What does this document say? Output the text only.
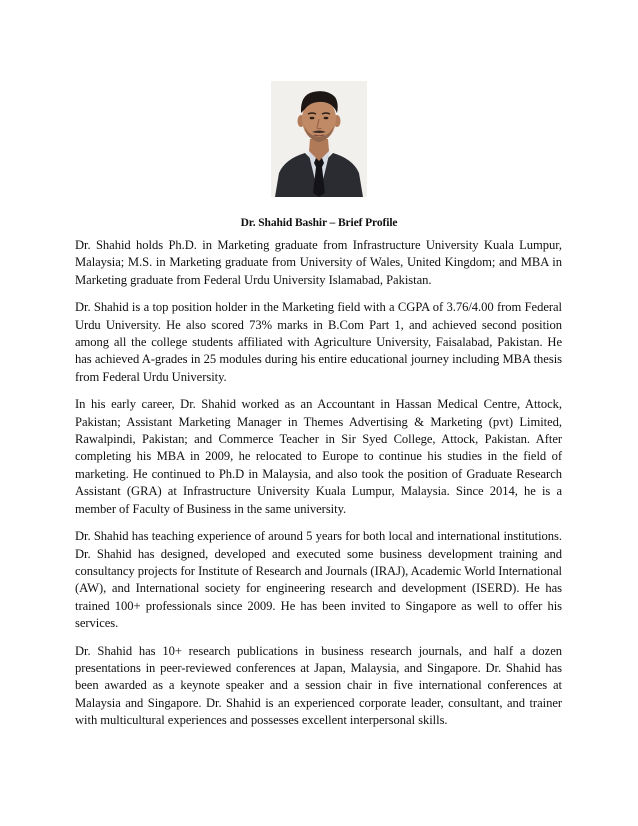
Dr. Shahid Bashir – Brief Profile

Dr. Shahid holds Ph.D. in Marketing graduate from Infrastructure University Kuala Lumpur, Malaysia; M.S. in Marketing graduate from University of Wales, United Kingdom; and MBA in Marketing graduate from Federal Urdu University Islamabad, Pakistan.

Dr. Shahid is a top position holder in the Marketing field with a CGPA of 3.76/4.00 from Federal Urdu University. He also scored 73% marks in B.Com Part 1, and achieved second position among all the college students affiliated with Agriculture University, Faisalabad, Pakistan. He has achieved A-grades in 25 modules during his entire educational journey including MBA thesis from Federal Urdu University.

In his early career, Dr. Shahid worked as an Accountant in Hassan Medical Centre, Attock, Pakistan; Assistant Marketing Manager in Themes Advertising & Marketing (pvt) Limited, Rawalpindi, Pakistan; and Commerce Teacher in Sir Syed College, Attock, Pakistan. After completing his MBA in 2009, he relocated to Europe to continue his studies in the field of marketing. He continued to Ph.D in Malaysia, and also took the position of Graduate Research Assistant (GRA) at Infrastructure University Kuala Lumpur, Malaysia. Since 2014, he is a member of Faculty of Business in the same university.

Dr. Shahid has teaching experience of around 5 years for both local and international institutions. Dr. Shahid has designed, developed and executed some business development training and consultancy projects for Institute of Research and Journals (IRAJ), Academic World International (AW), and International society for engineering research and development (ISERD). He has trained 100+ professionals since 2009. He has been invited to Singapore as well to offer his services.

Dr. Shahid has 10+ research publications in business research journals, and half a dozen presentations in peer-reviewed conferences at Japan, Malaysia, and Singapore. Dr. Shahid has been awarded as a keynote speaker and a session chair in five international conferences at Malaysia and Singapore. Dr. Shahid is an experienced corporate leader, consultant, and trainer with multicultural experiences and possesses excellent interpersonal skills.
